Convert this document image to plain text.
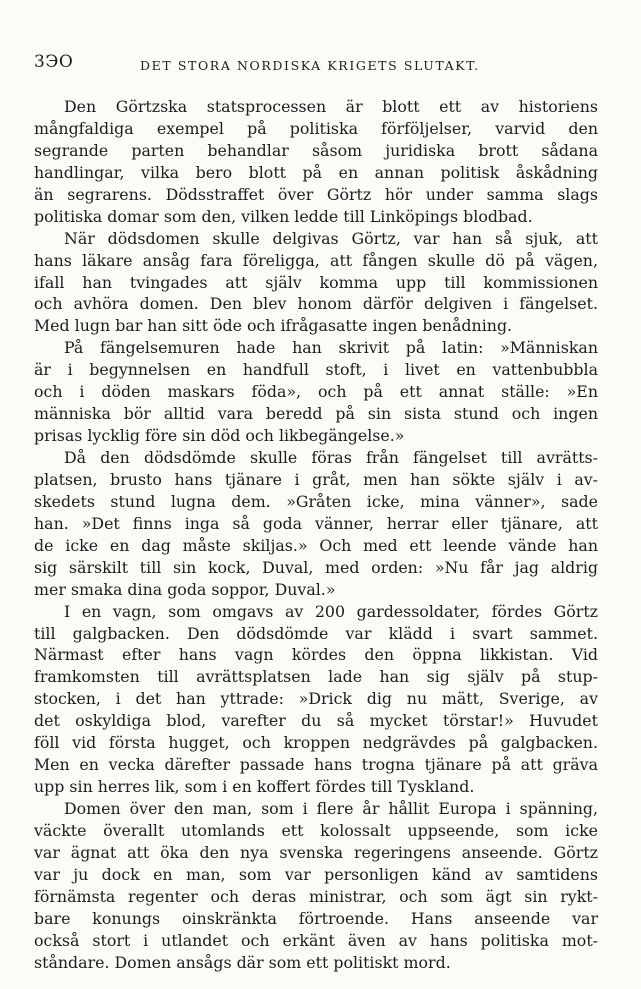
3ЭО	DET STORA NORDISKA KRIGETS SLUTAKT.
Den Görtzska statsprocessen är blott ett av historiens
mångfaldiga exempel på politiska förföljelser, varvid den
segrande parten behandlar såsom juridiska brott sådana
handlingar, vilka bero blott på en annan politisk åskådning
än segrarens. Dödsstraffet över Görtz hör under samma slags
politiska domar som den, vilken ledde till Linköpings blodbad.
När dödsdomen skulle delgivas Görtz, var han så sjuk, att
hans läkare ansåg fara föreligga, att fången skulle dö på vägen,
ifall han tvingades att själv komma upp till kommissionen
och avhöra domen. Den blev honom därför delgiven i fängelset.
Med lugn bar han sitt öde och ifrågasatte ingen benådning.
På fängelsemuren hade han skrivit på latin: »Människan
är i begynnelsen en handfull stoft, i livet en vattenbubbla
och i döden maskars föda», och på ett annat ställe: »En
människa bör alltid vara beredd på sin sista stund och ingen
prisas lycklig före sin död och likbegängelse.»
Då den dödsdömde skulle föras från fängelset till avrätts-
platsen, brusto hans tjänare i gråt, men han sökte själv i av-
skedets stund lugna dem. »Gråten icke, mina vänner», sade
han. »Det finns inga så goda vänner, herrar eller tjänare, att
de icke en dag måste skiljas.» Och med ett leende vände han
sig särskilt till sin kock, Duval, med orden: »Nu får jag aldrig
mer smaka dina goda soppor, Duval.»
I en vagn, som omgavs av 200 gardessoldater, fördes Görtz
till galgbacken. Den dödsdömde var klädd i svart sammet.
Närmast efter hans vagn kördes den öppna likkistan. Vid
framkomsten till avrättsplatsen lade han sig själv på stup-
stocken, i det han yttrade: »Drick dig nu mätt, Sverige, av
det oskyldiga blod, varefter du så mycket törstar!» Huvudet
föll vid första hugget, och kroppen nedgrävdes på galgbacken.
Men en vecka därefter passade hans trogna tjänare på att gräva
upp sin herres lik, som i en koffert fördes till Tyskland.
Domen över den man, som i flere år hållit Europa i spänning,
väckte överallt utomlands ett kolossalt uppseende, som icke
var ägnat att öka den nya svenska regeringens anseende. Görtz
var ju dock en man, som var personligen känd av samtidens
förnämsta regenter och deras ministrar, och som ägt sin rykt-
bare konungs oinskränkta förtroende. Hans anseende var
också stort i utlandet och erkänt även av hans politiska mot-
ståndare. Domen ansågs där som ett politiskt mord.
